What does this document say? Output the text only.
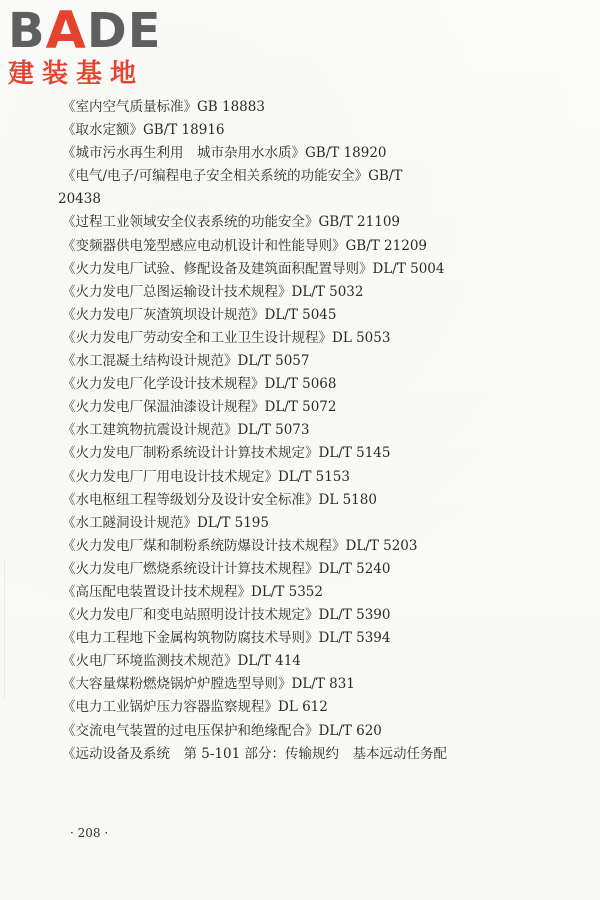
B A DE
建装基地
《室内空气质量标准》GB 18883
《取水定额》GB/T 18916
《城市污水再生利用　城市杂用水水质》GB/T 18920
《电气/电子/可编程电子安全相关系统的功能安全》GB/T
20438
《过程工业领域安全仪表系统的功能安全》GB/T 21109
《变频器供电笼型感应电动机设计和性能导则》GB/T 21209
《火力发电厂试验、修配设备及建筑面积配置导则》DL/T 5004
《火力发电厂总图运输设计技术规程》DL/T 5032
《火力发电厂灰渣筑坝设计规范》DL/T 5045
《火力发电厂劳动安全和工业卫生设计规程》DL 5053
《水工混凝土结构设计规范》DL/T 5057
《火力发电厂化学设计技术规程》DL/T 5068
《火力发电厂保温油漆设计规程》DL/T 5072
《水工建筑物抗震设计规范》DL/T 5073
《火力发电厂制粉系统设计计算技术规定》DL/T 5145
《火力发电厂厂用电设计技术规定》DL/T 5153
《水电枢纽工程等级划分及设计安全标准》DL 5180
《水工隧洞设计规范》DL/T 5195
《火力发电厂煤和制粉系统防爆设计技术规程》DL/T 5203
《火力发电厂燃烧系统设计计算技术规程》DL/T 5240
《高压配电装置设计技术规程》DL/T 5352
《火力发电厂和变电站照明设计技术规定》DL/T 5390
《电力工程地下金属构筑物防腐技术导则》DL/T 5394
《火电厂环境监测技术规范》DL/T 414
《大容量煤粉燃烧锅炉炉膛选型导则》DL/T 831
《电力工业锅炉压力容器监察规程》DL 612
《交流电气装置的过电压保护和绝缘配合》DL/T 620
《远动设备及系统　第 5-101 部分：传输规约　基本远动任务配
· 208 ·
